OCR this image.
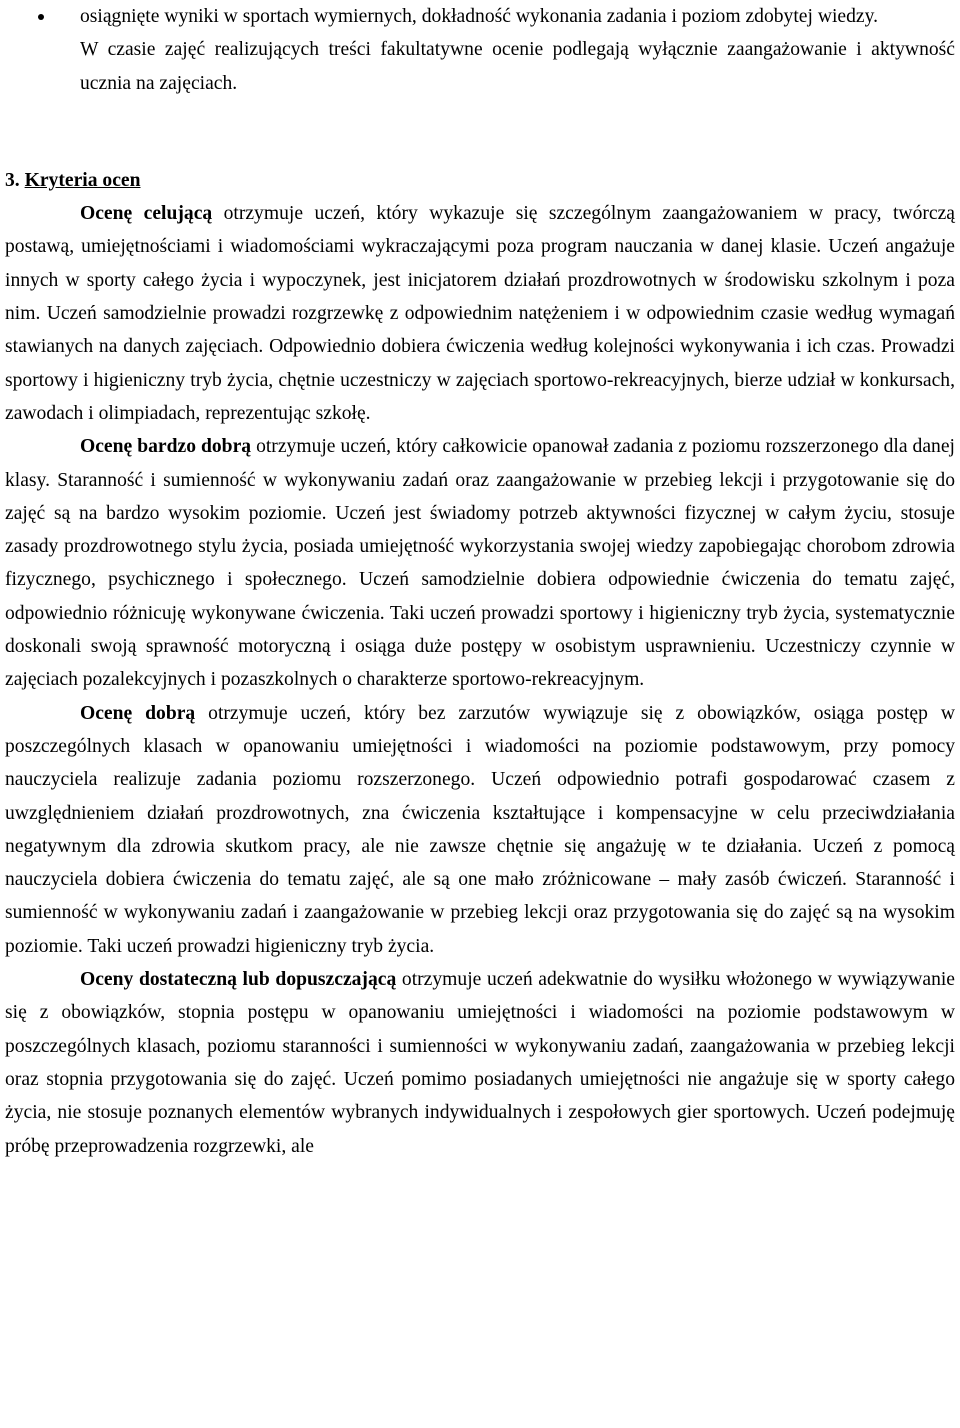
osiągnięte wyniki w sportach wymiernych, dokładność wykonania zadania i poziom zdobytej wiedzy.

W czasie zajęć realizujących treści fakultatywne ocenie podlegają wyłącznie zaangażowanie i aktywność ucznia na zajęciach.

3. Kryteria ocen

Ocenę celującą otrzymuje uczeń, który wykazuje się szczególnym zaangażowaniem w pracy, twórczą postawą, umiejętnościami i wiadomościami wykraczającymi poza program nauczania w danej klasie. Uczeń angażuje innych w sporty całego życia i wypoczynek, jest inicjatorem działań prozdrowotnych w środowisku szkolnym i poza nim. Uczeń samodzielnie prowadzi rozgrzewkę z odpowiednim natężeniem i w odpowiednim czasie według wymagań stawianych na danych zajęciach. Odpowiednio dobiera ćwiczenia według kolejności wykonywania i ich czas. Prowadzi sportowy i higieniczny tryb życia, chętnie uczestniczy w zajęciach sportowo-rekreacyjnych, bierze udział w konkursach, zawodach i olimpiadach, reprezentując szkołę.

Ocenę bardzo dobrą otrzymuje uczeń, który całkowicie opanował zadania z poziomu rozszerzonego dla danej klasy. Staranność i sumienność w wykonywaniu zadań oraz zaangażowanie w przebieg lekcji i przygotowanie się do zajęć są na bardzo wysokim poziomie. Uczeń jest świadomy potrzeb aktywności fizycznej w całym życiu, stosuje zasady prozdrowotnego stylu życia, posiada umiejętność wykorzystania swojej wiedzy zapobiegając chorobom zdrowia fizycznego, psychicznego i społecznego. Uczeń samodzielnie dobiera odpowiednie ćwiczenia do tematu zajęć, odpowiednio różnicuję wykonywane ćwiczenia. Taki uczeń prowadzi sportowy i higieniczny tryb życia, systematycznie doskonali swoją sprawność motoryczną i osiąga duże postępy w osobistym usprawnieniu. Uczestniczy czynnie w zajęciach pozalekcyjnych i pozaszkolnych o charakterze sportowo-rekreacyjnym.

Ocenę dobrą otrzymuje uczeń, który bez zarzutów wywiązuje się z obowiązków, osiąga postęp w poszczególnych klasach w opanowaniu umiejętności i wiadomości na poziomie podstawowym, przy pomocy nauczyciela realizuje zadania poziomu rozszerzonego. Uczeń odpowiednio potrafi gospodarować czasem z uwzględnieniem działań prozdrowotnych, zna ćwiczenia kształtujące i kompensacyjne w celu przeciwdziałania negatywnym dla zdrowia skutkom pracy, ale nie zawsze chętnie się angażuję w te działania. Uczeń z pomocą nauczyciela dobiera ćwiczenia do tematu zajęć, ale są one mało zróżnicowane – mały zasób ćwiczeń. Staranność i sumienność w wykonywaniu zadań i zaangażowanie w przebieg lekcji oraz przygotowania się do zajęć są na wysokim poziomie. Taki uczeń prowadzi higieniczny tryb życia.

Oceny dostateczną lub dopuszczającą otrzymuje uczeń adekwatnie do wysiłku włożonego w wywiązywanie się z obowiązków, stopnia postępu w opanowaniu umiejętności i wiadomości na poziomie podstawowym w poszczególnych klasach, poziomu staranności i sumienności w wykonywaniu zadań, zaangażowania w przebieg lekcji oraz stopnia przygotowania się do zajęć. Uczeń pomimo posiadanych umiejętności nie angażuje się w sporty całego życia, nie stosuje poznanych elementów wybranych indywidualnych i zespołowych gier sportowych. Uczeń podejmuję próbę przeprowadzenia rozgrzewki, ale
